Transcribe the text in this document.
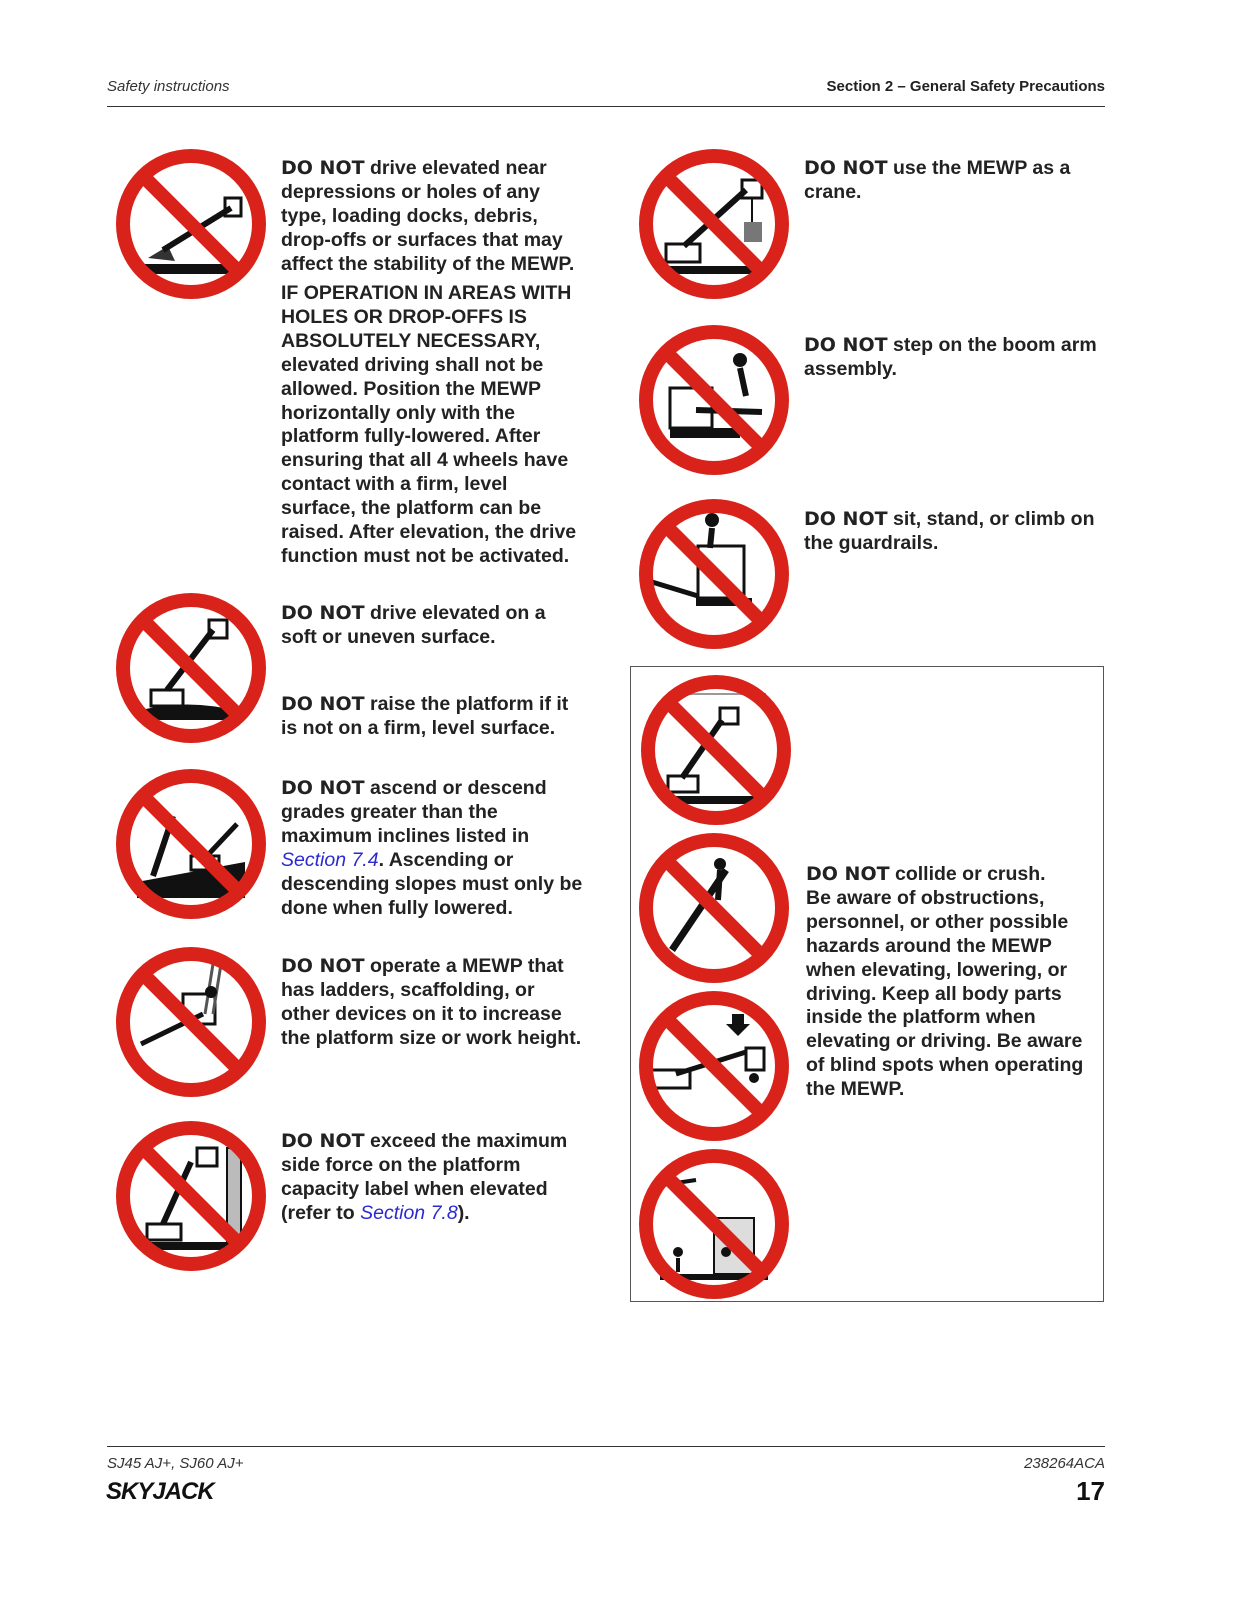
Safety instructions	Section 2 – General Safety Precautions
DO NOT drive elevated near depressions or holes of any type, loading docks, debris, drop-offs or surfaces that may affect the stability of the MEWP.
IF OPERATION IN AREAS WITH HOLES OR DROP-OFFS IS ABSOLUTELY NECESSARY, elevated driving shall not be allowed. Position the MEWP horizontally only with the platform fully-lowered. After ensuring that all 4 wheels have contact with a firm, level surface, the platform can be raised. After elevation, the drive function must not be activated.
DO NOT drive elevated on a soft or uneven surface.
DO NOT raise the platform if it is not on a firm, level surface.
DO NOT ascend or descend grades greater than the maximum inclines listed in Section 7.4. Ascending or descending slopes must only be done when fully lowered.
DO NOT operate a MEWP that has ladders, scaffolding, or other devices on it to increase the platform size or work height.
DO NOT exceed the maximum side force on the platform capacity label when elevated (refer to Section 7.8).
DO NOT use the MEWP as a crane.
DO NOT step on the boom arm assembly.
DO NOT sit, stand, or climb on the guardrails.
DO NOT collide or crush.
Be aware of obstructions, personnel, or other possible hazards around the MEWP when elevating, lowering, or driving. Keep all body parts inside the platform when elevating or driving. Be aware of blind spots when operating the MEWP.
SJ45 AJ+, SJ60 AJ+	238264ACA
SKYJACK	17
